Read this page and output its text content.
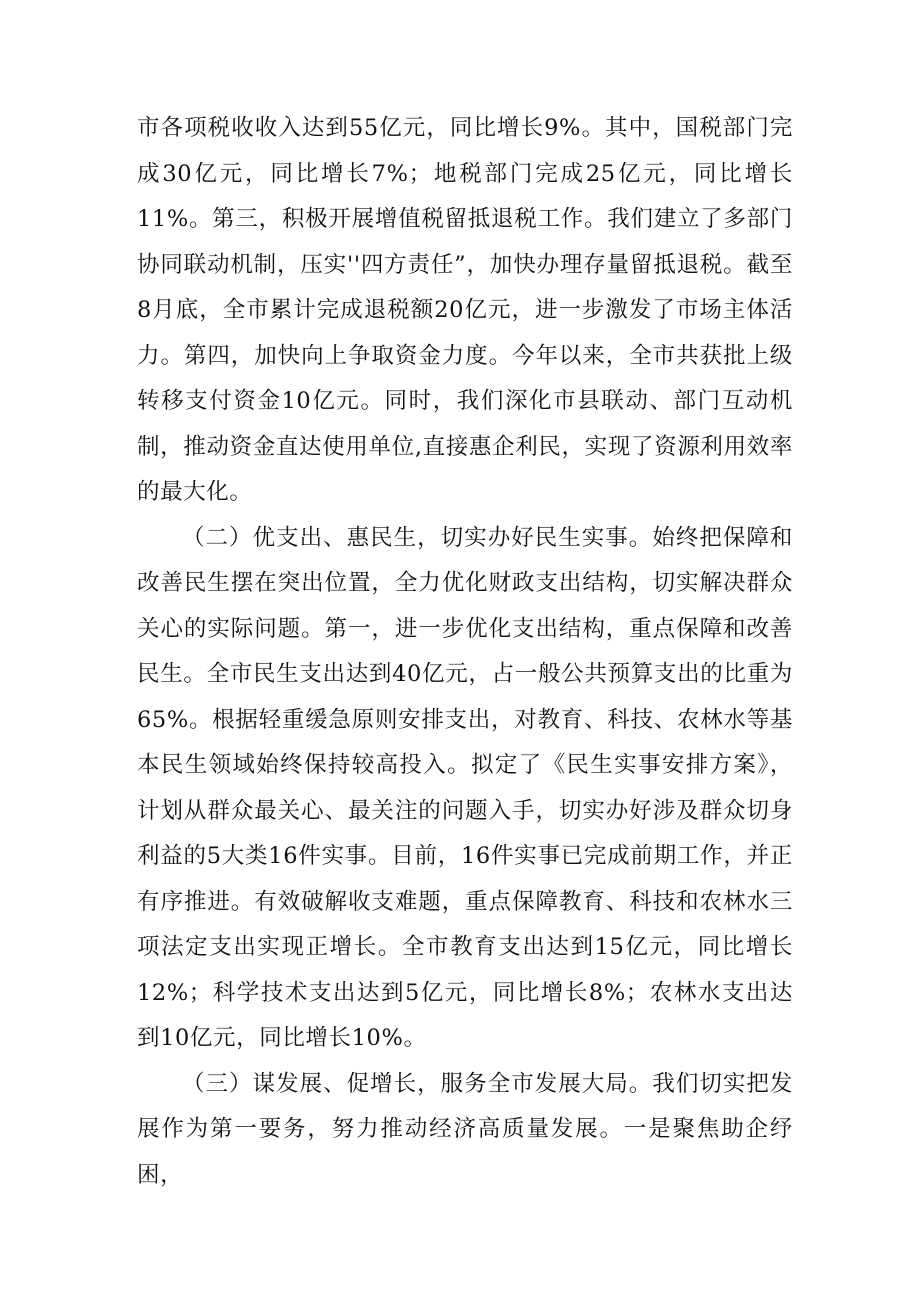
市各项税收收入达到55亿元，同比增长9%。其中，国税部门完成30亿元，同比增长7%；地税部门完成25亿元，同比增长11%。第三，积极开展增值税留抵退税工作。我们建立了多部门协同联动机制，压实''四方责任”，加快办理存量留抵退税。截至8月底，全市累计完成退税额20亿元，进一步激发了市场主体活力。第四，加快向上争取资金力度。今年以来，全市共获批上级转移支付资金10亿元。同时，我们深化市县联动、部门互动机制，推动资金直达使用单位,直接惠企利民，实现了资源利用效率的最大化。

（二）优支出、惠民生，切实办好民生实事。始终把保障和改善民生摆在突出位置，全力优化财政支出结构，切实解决群众关心的实际问题。第一，进一步优化支出结构，重点保障和改善民生。全市民生支出达到40亿元，占一般公共预算支出的比重为65%。根据轻重缓急原则安排支出，对教育、科技、农林水等基本民生领域始终保持较高投入。拟定了《民生实事安排方案》，计划从群众最关心、最关注的问题入手，切实办好涉及群众切身利益的5大类16件实事。目前，16件实事已完成前期工作，并正有序推进。有效破解收支难题，重点保障教育、科技和农林水三项法定支出实现正增长。全市教育支出达到15亿元，同比增长12%；科学技术支出达到5亿元，同比增长8%；农林水支出达到10亿元，同比增长10%。

（三）谋发展、促增长，服务全市发展大局。我们切实把发展作为第一要务，努力推动经济高质量发展。一是聚焦助企纾困，
